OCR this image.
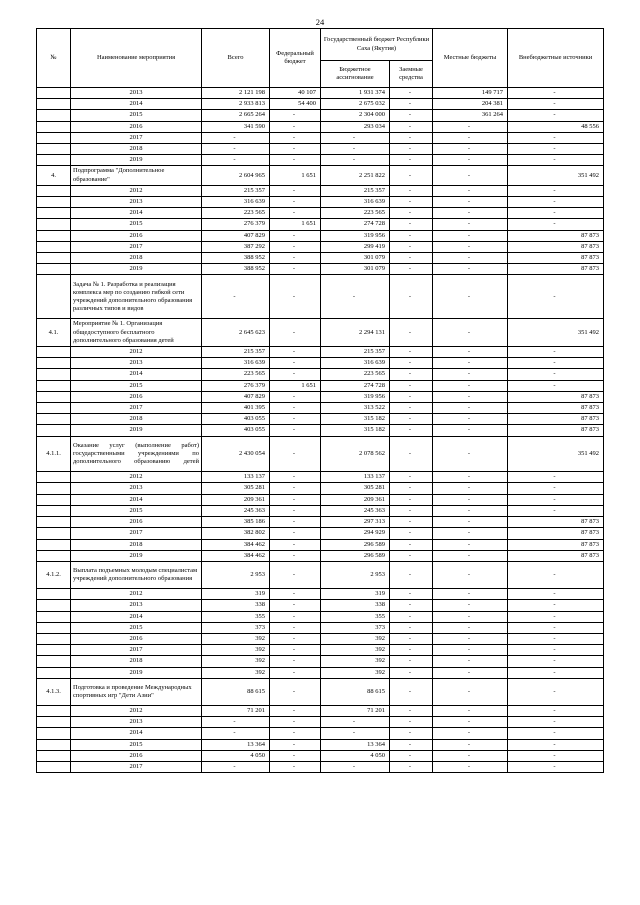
24
№	Наименование мероприятия	Всего	Федеральный бюджет	Государственный бюджет Республики Саха (Якутия)		Местные бюджеты	Внебюджетные источники
				Бюджетное ассигнование	Заемные средства		
	2013	2 121 198	40 107	1 931 374	-	149 717	-
	2014	2 933 813	54 400	2 675 032	-	204 381	-
	2015	2 665 264	-	2 304 000	-	361 264	-
	2016	341 590	-	293 034	-	-	48 556
	2017	-	-	-	-	-	-
	2018	-	-	-	-	-	-
	2019	-	-	-	-	-	-
4.	Подпрограмма "Дополнительное образование"	2 604 965	1 651	2 251 822	-	-	351 492
	2012	215 357	-	215 357	-	-	-
	2013	316 639	-	316 639	-	-	-
	2014	223 565	-	223 565	-	-	-
	2015	276 379	1 651	274 728	-	-	-
	2016	407 829	-	319 956	-	-	87 873
	2017	387 292	-	299 419	-	-	87 873
	2018	388 952	-	301 079	-	-	87 873
	2019	388 952	-	301 079	-	-	87 873
	Задача № 1. Разработка и реализация комплекса мер по созданию гибкой сети учреждений дополнительного образования различных типов и видов	-	-	-	-	-	-
4.1.	Мероприятие № 1. Организация общедоступного бесплатного дополнительного образования детей	2 645 623	-	2 294 131	-	-	351 492
	2012	215 357	-	215 357	-	-	-
	2013	316 639	-	316 639	-	-	-
	2014	223 565	-	223 565	-	-	-
	2015	276 379	1 651	274 728	-	-	-
	2016	407 829	-	319 956	-	-	87 873
	2017	401 395	-	313 522	-	-	87 873
	2018	403 055	-	315 182	-	-	87 873
	2019	403 055	-	315 182	-	-	87 873
4.1.1.	Оказание услуг (выполнение работ) государственными учреждениями по дополнительного образованию детей	2 430 054	-	2 078 562	-	-	351 492
	2012	133 137	-	133 137	-	-	-
	2013	305 281	-	305 281	-	-	-
	2014	209 361	-	209 361	-	-	-
	2015	245 363	-	245 363	-	-	-
	2016	385 186	-	297 313	-	-	87 873
	2017	382 802	-	294 929	-	-	87 873
	2018	384 462	-	296 589	-	-	87 873
	2019	384 462	-	296 589	-	-	87 873
4.1.2.	Выплата подъемных молодым специалистам учреждений дополнительного образования	2 953	-	2 953	-	-	-
	2012	319	-	319	-	-	-
	2013	338	-	338	-	-	-
	2014	355	-	355	-	-	-
	2015	373	-	373	-	-	-
	2016	392	-	392	-	-	-
	2017	392	-	392	-	-	-
	2018	392	-	392	-	-	-
	2019	392	-	392	-	-	-
4.1.3.	Подготовка и проведение Международных спортивных игр "Дети Азии"	88 615	-	88 615	-	-	-
	2012	71 201	-	71 201	-	-	-
	2013	-	-	-	-	-	-
	2014	-	-	-	-	-	-
	2015	13 364	-	13 364	-	-	-
	2016	4 050	-	4 050	-	-	-
	2017	-	-	-	-	-	-
